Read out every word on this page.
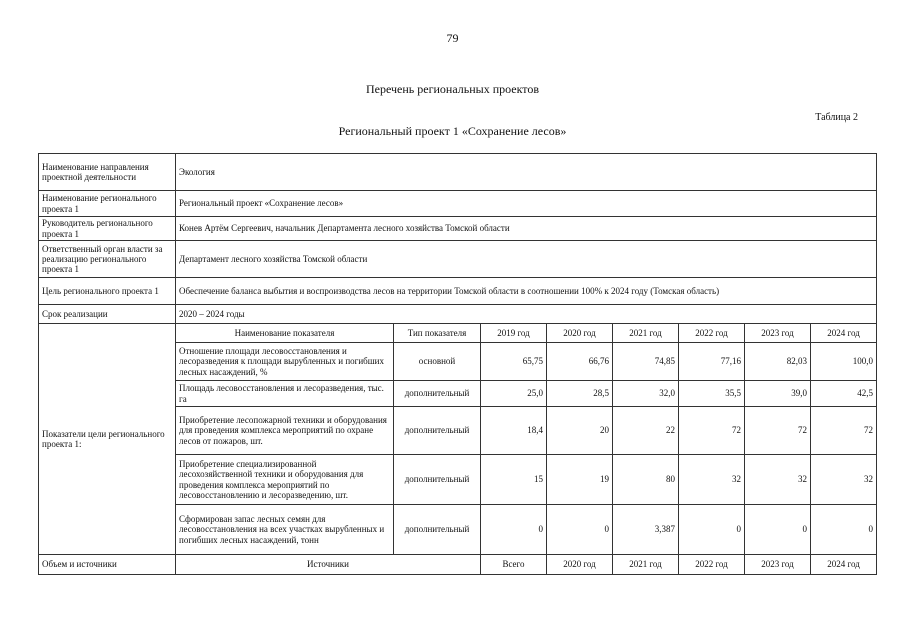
79
Перечень региональных проектов
Таблица 2
Региональный проект 1 «Сохранение лесов»
Наименование направления проектной деятельности	Экология							
Наименование регионального проекта 1	Региональный проект «Сохранение лесов»							
Руководитель регионального проекта 1	Конев Артём Сергеевич, начальник Департамента лесного хозяйства Томской области							
Ответственный орган власти за реализацию регионального проекта 1	Департамент лесного хозяйства Томской области							
Цель регионального проекта 1	Обеспечение баланса выбытия и воспроизводства лесов на территории Томской области в соотношении 100% к 2024 году (Томская область)							
Срок реализации	2020 – 2024 годы							
Показатели цели регионального проекта 1:	Наименование показателя	Тип показателя	2019 год	2020 год	2021 год	2022 год	2023 год	2024 год
	Отношение площади лесовосстановления и лесоразведения к площади вырубленных и погибших лесных насаждений, %	основной	65,75	66,76	74,85	77,16	82,03	100,0
	Площадь лесовосстановления и лесоразведения, тыс. га	дополнительный	25,0	28,5	32,0	35,5	39,0	42,5
	Приобретение лесопожарной техники и оборудования для проведения комплекса мероприятий по охране лесов от пожаров, шт.	дополнительный	18,4	20	22	72	72	72
	Приобретение специализированной лесохозяйственной техники и оборудования для проведения комплекса мероприятий по лесовосстановлению и лесоразведению, шт.	дополнительный	15	19	80	32	32	32
	Сформирован запас лесных семян для лесовосстановления на всех участках вырубленных и погибших лесных насаждений, тонн	дополнительный	0	0	3,387	0	0	0
Объем и источники	Источники		Всего	2020 год	2021 год	2022 год	2023 год	2024 год
